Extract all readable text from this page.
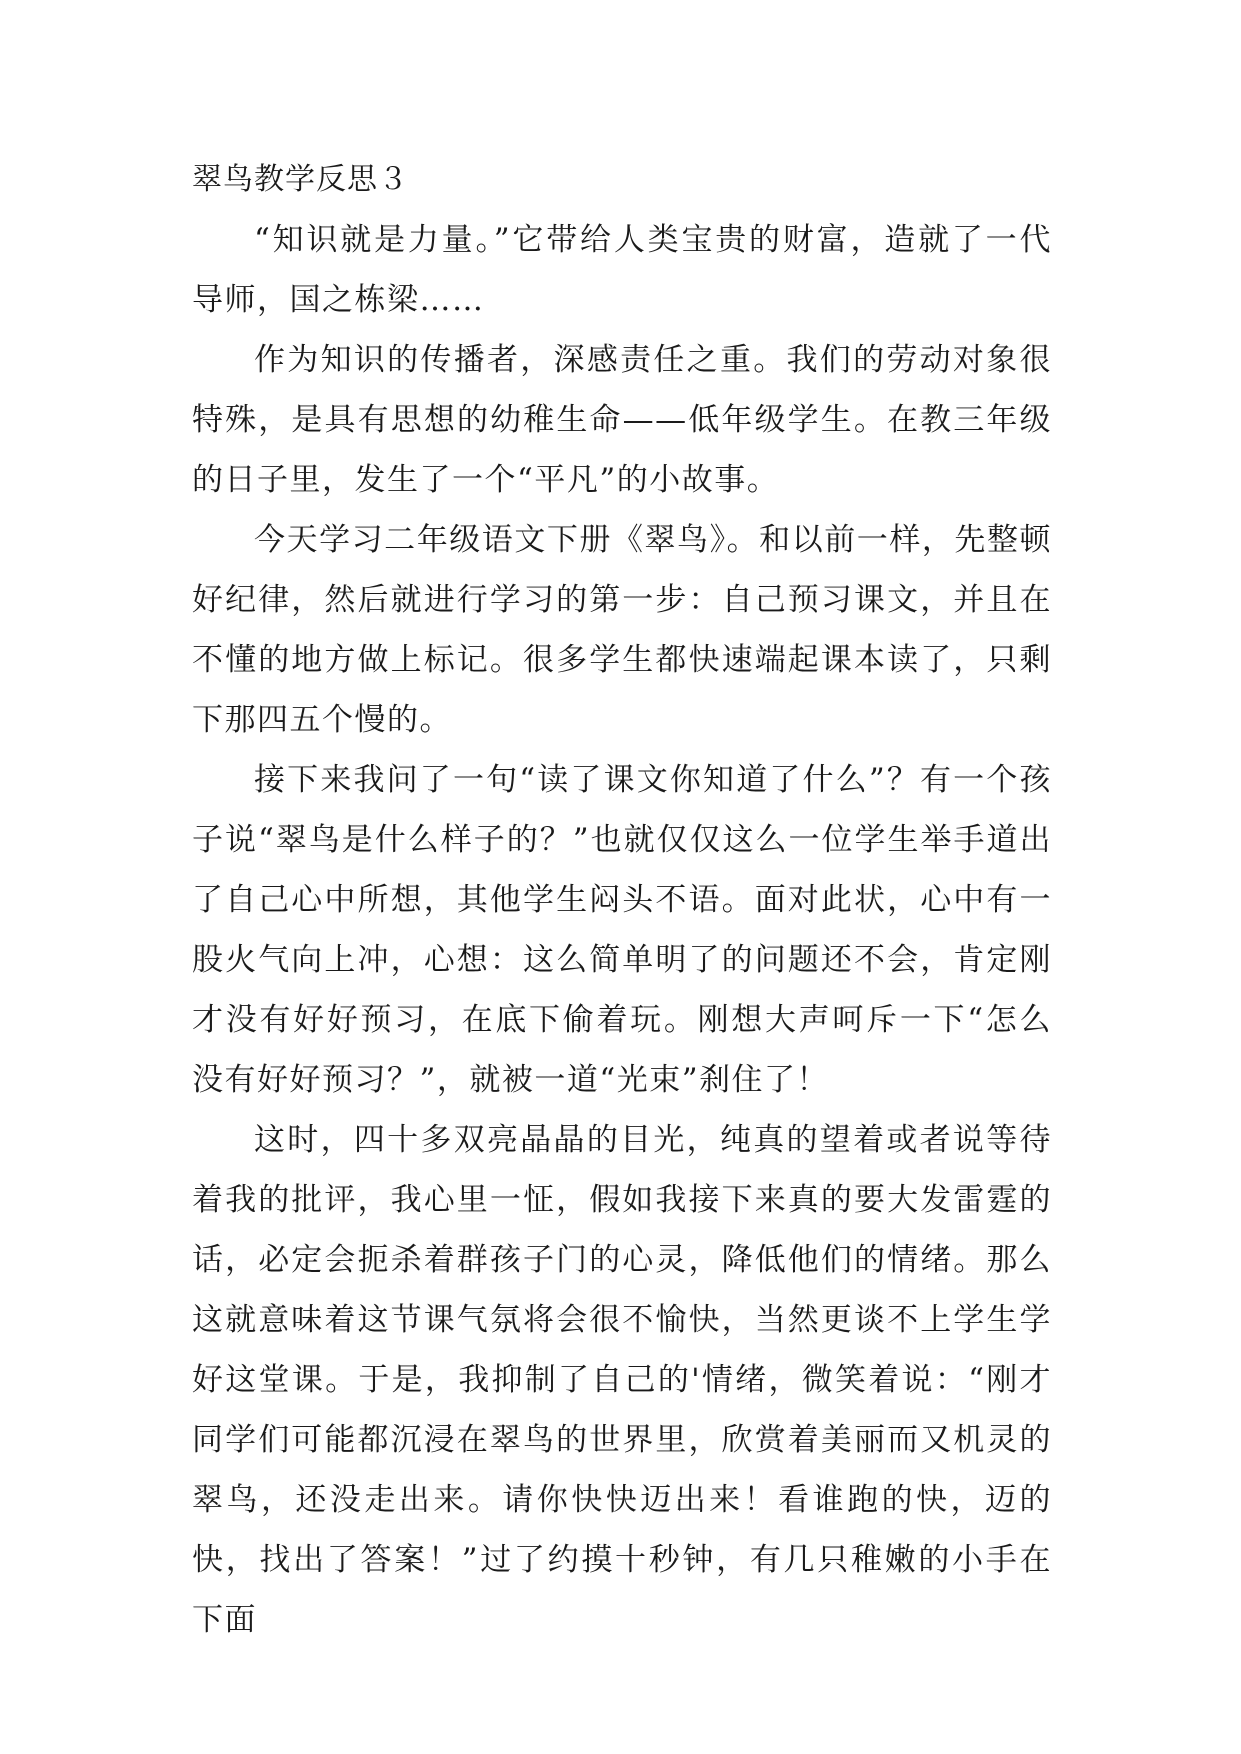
翠鸟教学反思３

“知识就是力量。”它带给人类宝贵的财富，造就了一代导师，国之栋梁……

作为知识的传播者，深感责任之重。我们的劳动对象很特殊，是具有思想的幼稚生命——低年级学生。在教三年级的日子里，发生了一个“平凡”的小故事。

今天学习二年级语文下册《翠鸟》。和以前一样，先整顿好纪律，然后就进行学习的第一步：自己预习课文，并且在不懂的地方做上标记。很多学生都快速端起课本读了，只剩下那四五个慢的。

接下来我问了一句“读了课文你知道了什么”？有一个孩子说“翠鸟是什么样子的？”也就仅仅这么一位学生举手道出了自己心中所想，其他学生闷头不语。面对此状，心中有一股火气向上冲，心想：这么简单明了的问题还不会，肯定刚才没有好好预习，在底下偷着玩。刚想大声呵斥一下“怎么没有好好预习？”，就被一道“光束”刹住了！

这时，四十多双亮晶晶的目光，纯真的望着或者说等待着我的批评，我心里一怔，假如我接下来真的要大发雷霆的话，必定会扼杀着群孩子门的心灵，降低他们的情绪。那么这就意味着这节课气氛将会很不愉快，当然更谈不上学生学好这堂课。于是，我抑制了自己的'情绪，微笑着说：“刚才同学们可能都沉浸在翠鸟的世界里，欣赏着美丽而又机灵的翠鸟，还没走出来。请你快快迈出来！看谁跑的快，迈的快，找出了答案！”过了约摸十秒钟，有几只稚嫩的小手在下面
